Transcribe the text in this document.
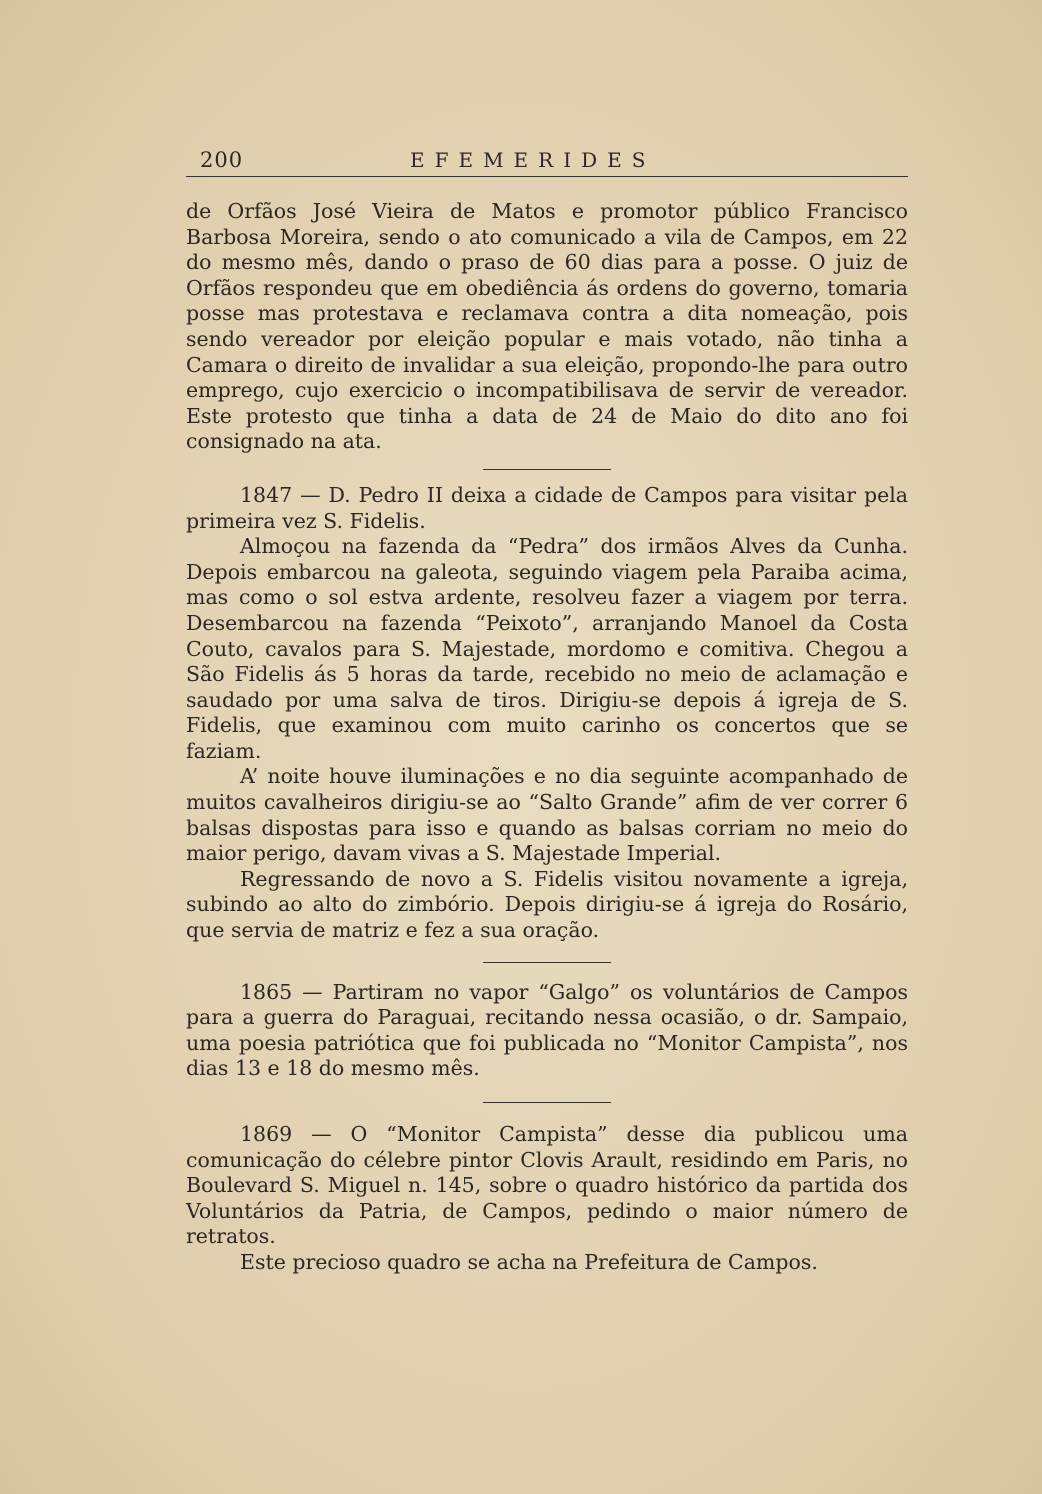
200	EFEMERIDES

de Orfãos José Vieira de Matos e promotor público Francisco Barbosa Moreira, sendo o ato comunicado a vila de Campos, em 22 do mesmo mês, dando o praso de 60 dias para a posse. O juiz de Orfãos respondeu que em obediência ás ordens do governo, tomaria posse mas protestava e reclamava contra a dita nomeação, pois sendo vereador por eleição popular e mais votado, não tinha a Camara o direito de invalidar a sua eleição, propondo-lhe para outro emprego, cujo exercicio o incompatibilisava de servir de vereador. Este protesto que tinha a data de 24 de Maio do dito ano foi consignado na ata.

1847 — D. Pedro II deixa a cidade de Campos para visitar pela primeira vez S. Fidelis.

Almoçou na fazenda da “Pedra” dos irmãos Alves da Cunha. Depois embarcou na galeota, seguindo viagem pela Paraiba acima, mas como o sol estva ardente, resolveu fazer a viagem por terra. Desembarcou na fazenda “Peixoto”, arranjando Manoel da Costa Couto, cavalos para S. Majestade, mordomo e comitiva. Chegou a São Fidelis ás 5 horas da tarde, recebido no meio de aclamação e saudado por uma salva de tiros. Dirigiu-se depois á igreja de S. Fidelis, que examinou com muito carinho os concertos que se faziam.

A’ noite houve iluminações e no dia seguinte acompanhado de muitos cavalheiros dirigiu-se ao “Salto Grande” afim de ver correr 6 balsas dispostas para isso e quando as balsas corriam no meio do maior perigo, davam vivas a S. Majestade Imperial.

Regressando de novo a S. Fidelis visitou novamente a igreja, subindo ao alto do zimbório. Depois dirigiu-se á igreja do Rosário, que servia de matriz e fez a sua oração.

1865 — Partiram no vapor “Galgo” os voluntários de Campos para a guerra do Paraguai, recitando nessa ocasião, o dr. Sampaio, uma poesia patriótica que foi publicada no “Monitor Campista”, nos dias 13 e 18 do mesmo mês.

1869 — O “Monitor Campista” desse dia publicou uma comunicação do célebre pintor Clovis Arault, residindo em Paris, no Boulevard S. Miguel n. 145, sobre o quadro histórico da partida dos Voluntários da Patria, de Campos, pedindo o maior número de retratos.

Este precioso quadro se acha na Prefeitura de Campos.
